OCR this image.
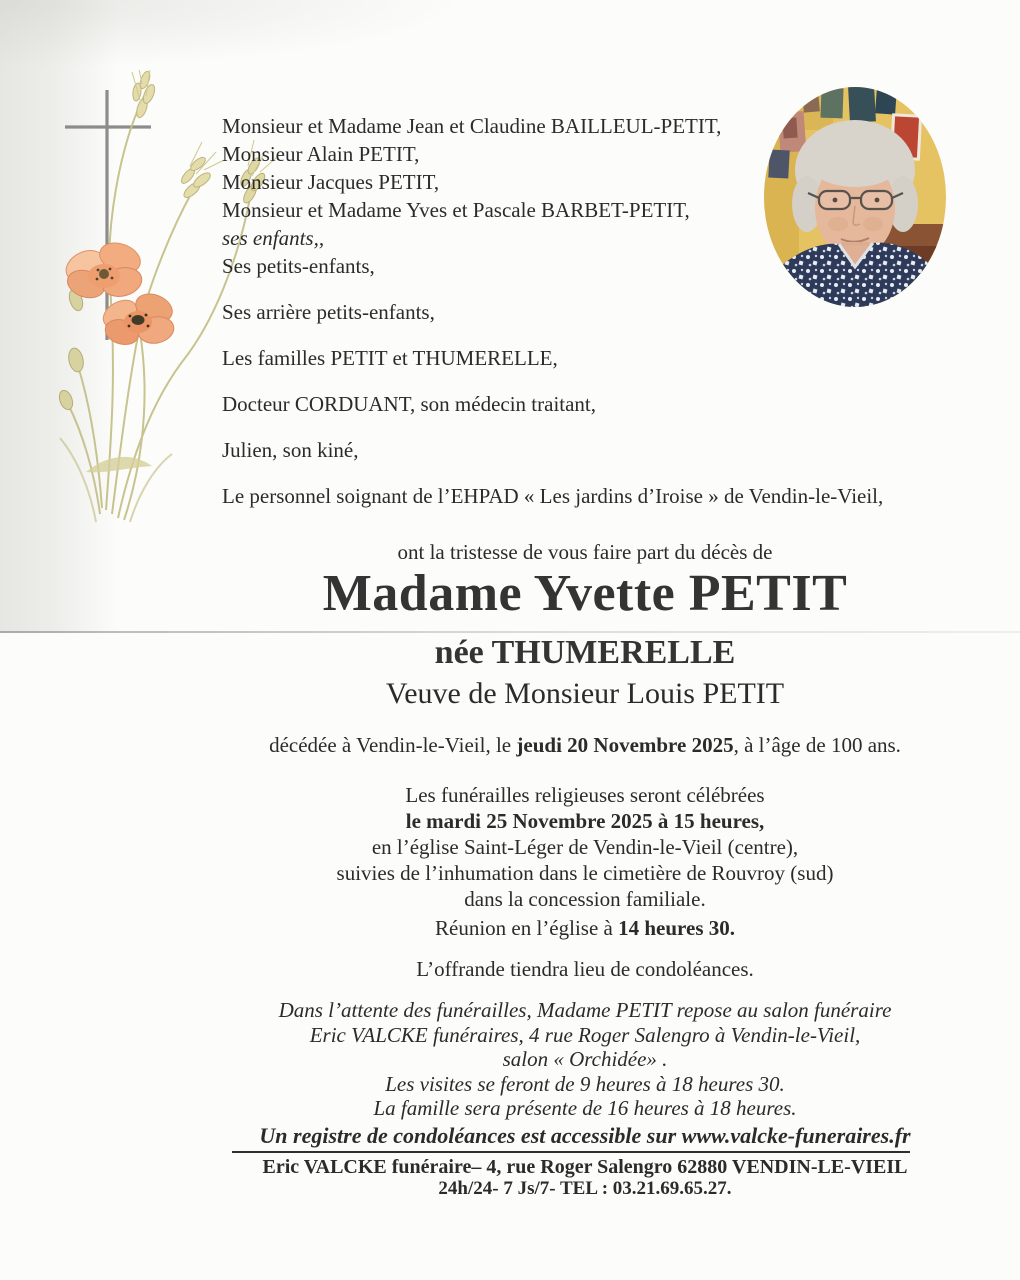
Monsieur et Madame Jean et Claudine BAILLEUL-PETIT,
Monsieur Alain PETIT,
Monsieur Jacques PETIT,
Monsieur et Madame Yves et Pascale BARBET-PETIT,
ses enfants,,

Ses petits-enfants,

Ses arrière petits-enfants,

Les familles PETIT et THUMERELLE,

Docteur CORDUANT, son médecin traitant,

Julien, son kiné,

Le personnel soignant de l’EHPAD « Les jardins d’Iroise » de Vendin-le-Vieil,

ont la tristesse de vous faire part du décès de
Madame Yvette PETIT
née THUMERELLE
Veuve de Monsieur Louis PETIT
décédée à Vendin-le-Vieil, le jeudi 20 Novembre 2025, à l’âge de 100 ans.
Les funérailles religieuses seront célébrées
le mardi 25 Novembre 2025 à 15 heures,
en l’église Saint-Léger de Vendin-le-Vieil (centre),
suivies de l’inhumation dans le cimetière de Rouvroy (sud)
dans la concession familiale.
Réunion en l’église à 14 heures 30.
L’offrande tiendra lieu de condoléances.
Dans l’attente des funérailles, Madame PETIT repose au salon funéraire
Eric VALCKE funéraires, 4 rue Roger Salengro à Vendin-le-Vieil,
salon « Orchidée» .
Les visites se feront de 9 heures à 18 heures 30.
La famille sera présente de 16 heures à 18 heures.
Un registre de condoléances est accessible sur www.valcke-funeraires.fr
Eric VALCKE funéraire– 4, rue Roger Salengro 62880 VENDIN-LE-VIEIL
24h/24- 7 Js/7- TEL : 03.21.69.65.27.
